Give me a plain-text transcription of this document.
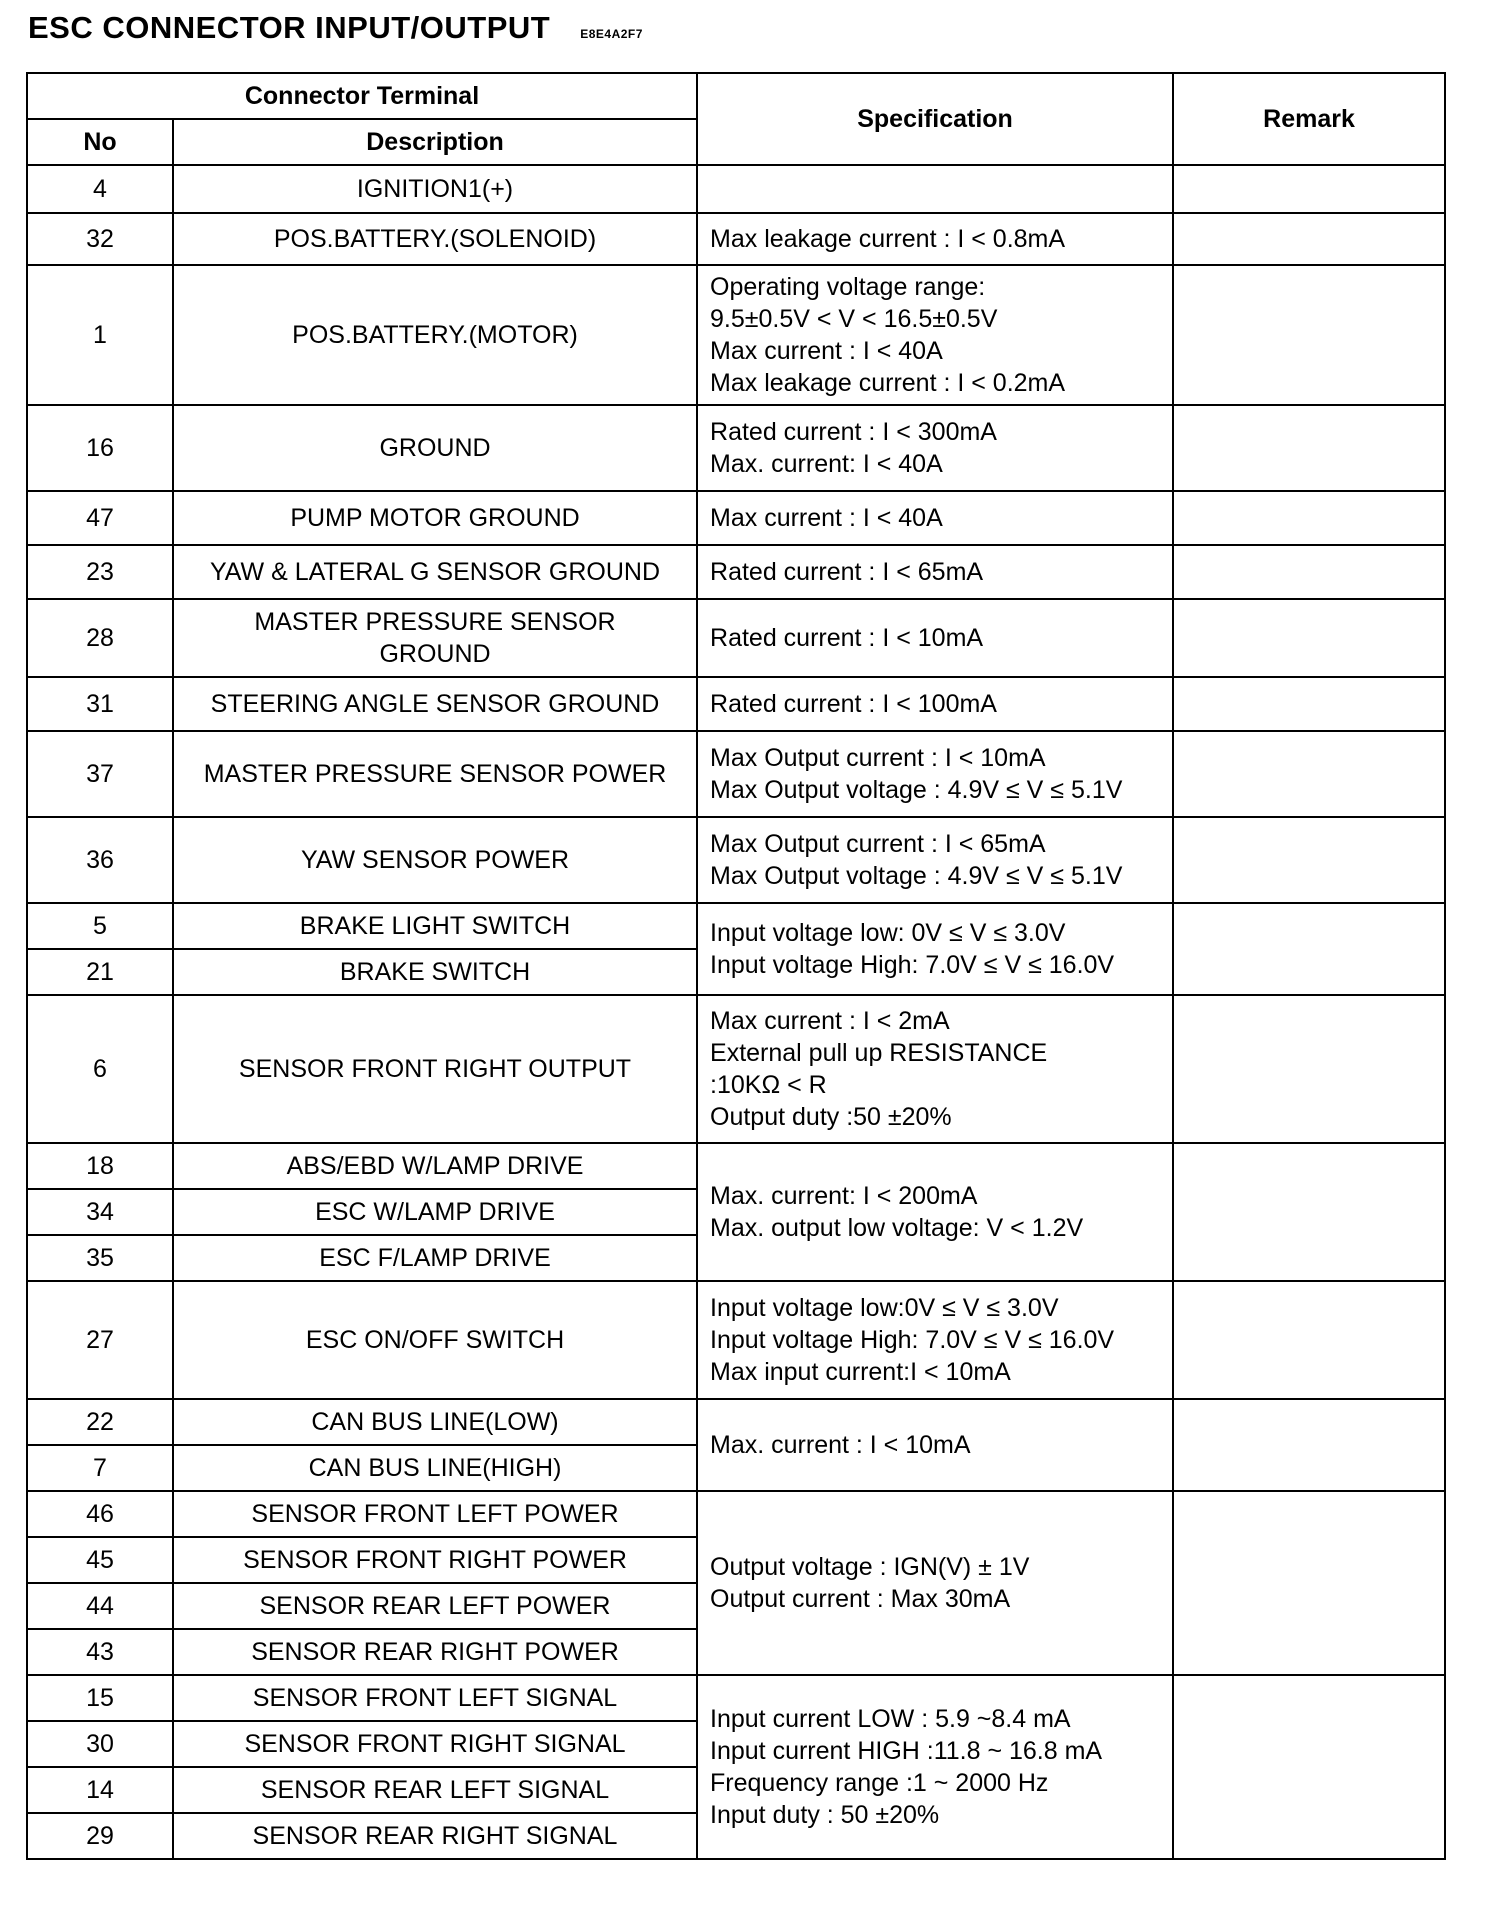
ESC CONNECTOR INPUT/OUTPUT	E8E4A2F7
Connector Terminal		Specification	Remark
No	Description		
4	IGNITION1(+)		
32	POS.BATTERY.(SOLENOID)	Max leakage current : I < 0.8mA	

1	POS.BATTERY.(MOTOR)	Operating voltage range:
9.5±0.5V < V < 16.5±0.5V
Max current : I < 40A
Max leakage current : I < 0.2mA	

16	GROUND	Rated current : I < 300mA
Max. current: I < 40A	

47	PUMP MOTOR GROUND	Max current : I < 40A	

23	YAW & LATERAL G SENSOR GROUND	Rated current : I < 65mA	

28	MASTER PRESSURE SENSOR GROUND	Rated current : I < 10mA	

31	STEERING ANGLE SENSOR GROUND	Rated current : I < 100mA	

37	MASTER PRESSURE SENSOR POWER	Max Output current : I < 10mA
Max Output voltage : 4.9V ≤ V ≤ 5.1V	

36	YAW SENSOR POWER	Max Output current : I < 65mA
Max Output voltage : 4.9V ≤ V ≤ 5.1V	

5	BRAKE LIGHT SWITCH	Input voltage low: 0V ≤ V ≤ 3.0V
Input voltage High: 7.0V ≤ V ≤ 16.0V	

21	BRAKE SWITCH		
6	SENSOR FRONT RIGHT OUTPUT	Max current : I < 2mA
External pull up RESISTANCE
:10KΩ < R
Output duty :50 ±20%	

18	ABS/EBD W/LAMP DRIVE	Max. current: I < 200mA
Max. output low voltage: V < 1.2V	

34	ESC W/LAMP DRIVE		
35	ESC F/LAMP DRIVE		
27	ESC ON/OFF SWITCH	Input voltage low:0V ≤ V ≤ 3.0V
Input voltage High: 7.0V ≤ V ≤ 16.0V
Max input current:I < 10mA	

22	CAN BUS LINE(LOW)	Max. current : I < 10mA	

7	CAN BUS LINE(HIGH)		
46	SENSOR FRONT LEFT POWER	Output voltage : IGN(V) ± 1V
Output current : Max 30mA	

45	SENSOR FRONT RIGHT POWER		
44	SENSOR REAR LEFT POWER		
43	SENSOR REAR RIGHT POWER		
15	SENSOR FRONT LEFT SIGNAL	Input current LOW : 5.9 ~8.4 mA
Input current HIGH :11.8 ~ 16.8 mA
Frequency range :1 ~ 2000 Hz
Input duty : 50 ±20%	

30	SENSOR FRONT RIGHT SIGNAL		
14	SENSOR REAR LEFT SIGNAL		
29	SENSOR REAR RIGHT SIGNAL		
